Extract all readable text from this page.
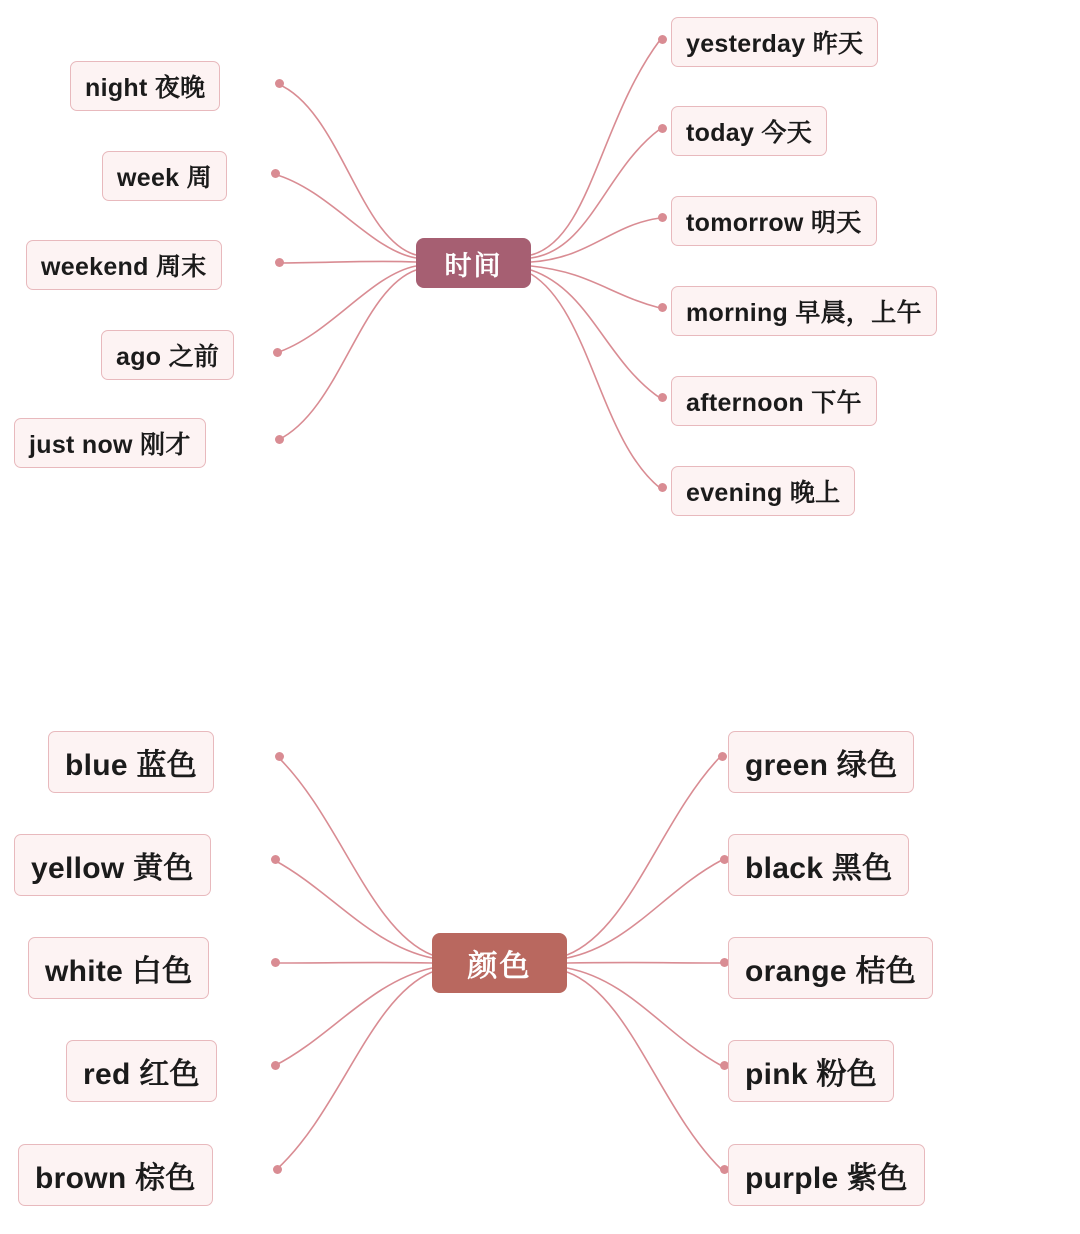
时间
night 夜晚
week 周
weekend 周末
ago 之前
just now 刚才
yesterday 昨天
today 今天
tomorrow 明天
morning 早晨，上午
afternoon 下午
evening 晚上
颜色
blue 蓝色
yellow 黄色
white 白色
red 红色
brown 棕色
green 绿色
black 黑色
orange 桔色
pink 粉色
purple 紫色
